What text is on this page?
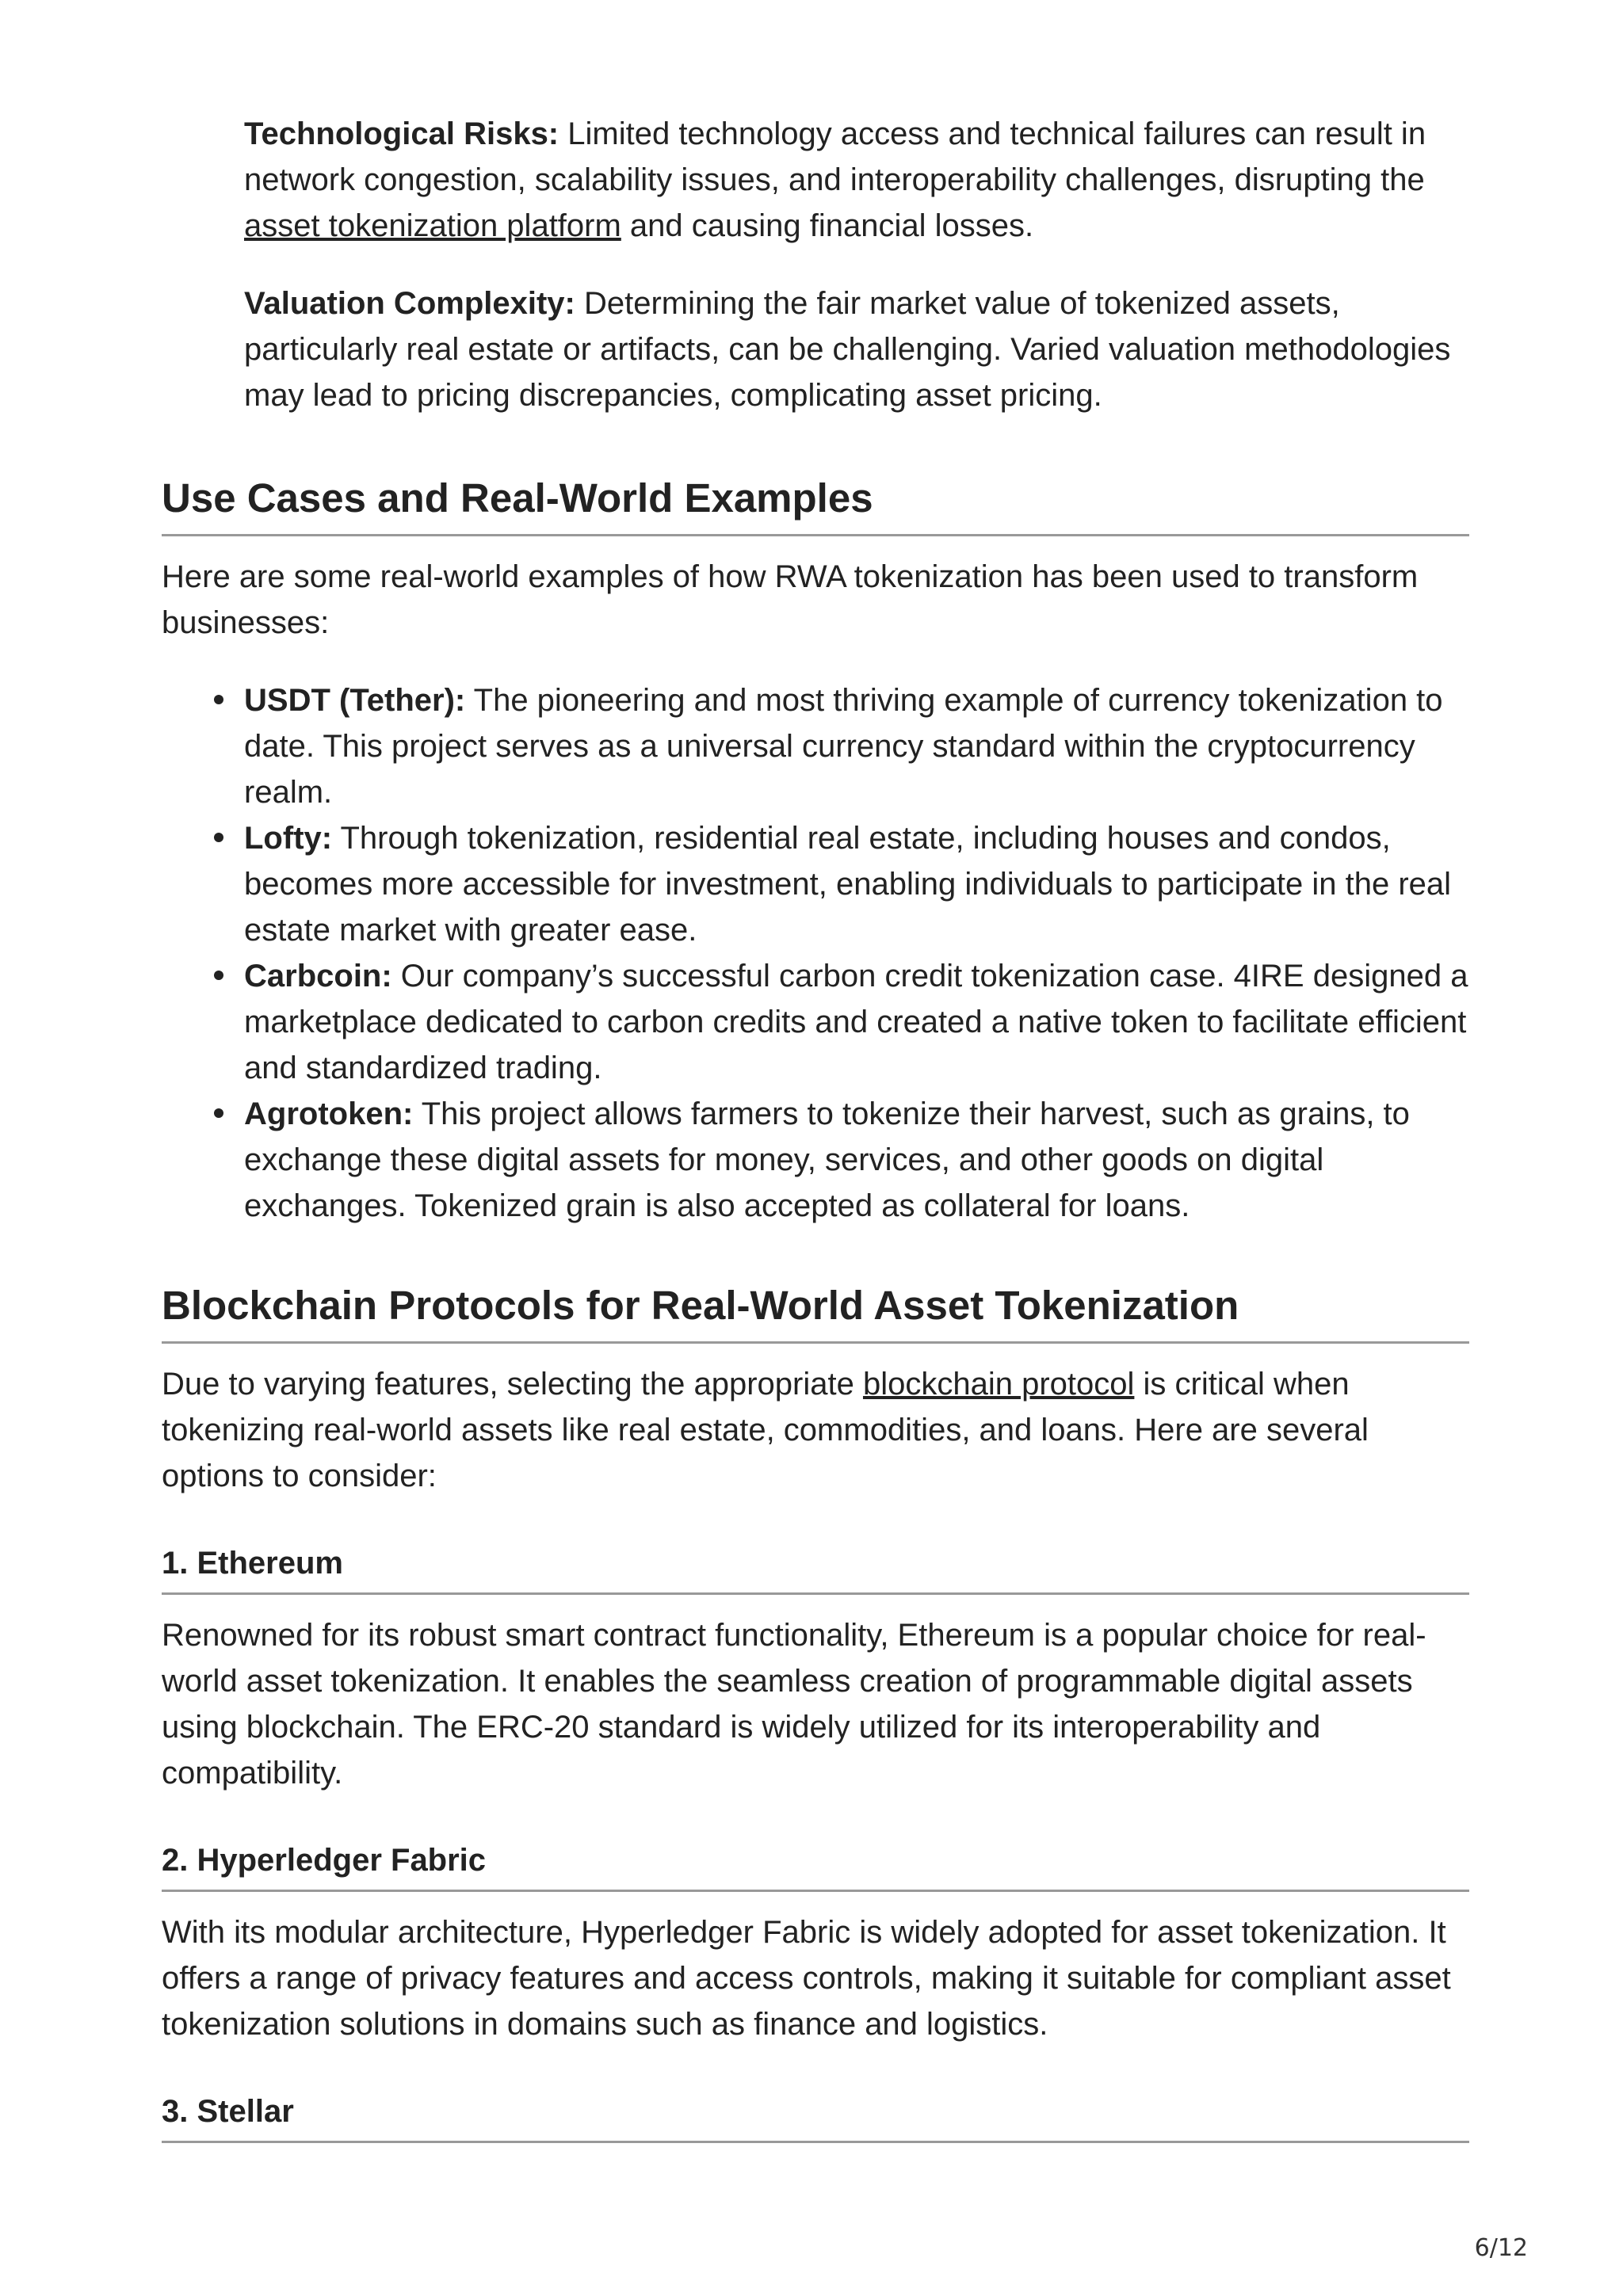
Technological Risks: Limited technology access and technical failures can result in network congestion, scalability issues, and interoperability challenges, disrupting the asset tokenization platform and causing financial losses.

Valuation Complexity: Determining the fair market value of tokenized assets, particularly real estate or artifacts, can be challenging. Varied valuation methodologies may lead to pricing discrepancies, complicating asset pricing.

Use Cases and Real-World Examples

Here are some real-world examples of how RWA tokenization has been used to transform businesses:

USDT (Tether): The pioneering and most thriving example of currency tokenization to date. This project serves as a universal currency standard within the cryptocurrency realm.
Lofty: Through tokenization, residential real estate, including houses and condos, becomes more accessible for investment, enabling individuals to participate in the real estate market with greater ease.
Carbcoin: Our company’s successful carbon credit tokenization case. 4IRE designed a marketplace dedicated to carbon credits and created a native token to facilitate efficient and standardized trading.
Agrotoken: This project allows farmers to tokenize their harvest, such as grains, to exchange these digital assets for money, services, and other goods on digital exchanges. Tokenized grain is also accepted as collateral for loans.
Blockchain Protocols for Real-World Asset Tokenization

Due to varying features, selecting the appropriate blockchain protocol is critical when tokenizing real-world assets like real estate, commodities, and loans. Here are several options to consider:

1. Ethereum

Renowned for its robust smart contract functionality, Ethereum is a popular choice for real-world asset tokenization. It enables the seamless creation of programmable digital assets using blockchain. The ERC-20 standard is widely utilized for its interoperability and compatibility.

2. Hyperledger Fabric

With its modular architecture, Hyperledger Fabric is widely adopted for asset tokenization. It offers a range of privacy features and access controls, making it suitable for compliant asset tokenization solutions in domains such as finance and logistics.

3. Stellar
6/12
